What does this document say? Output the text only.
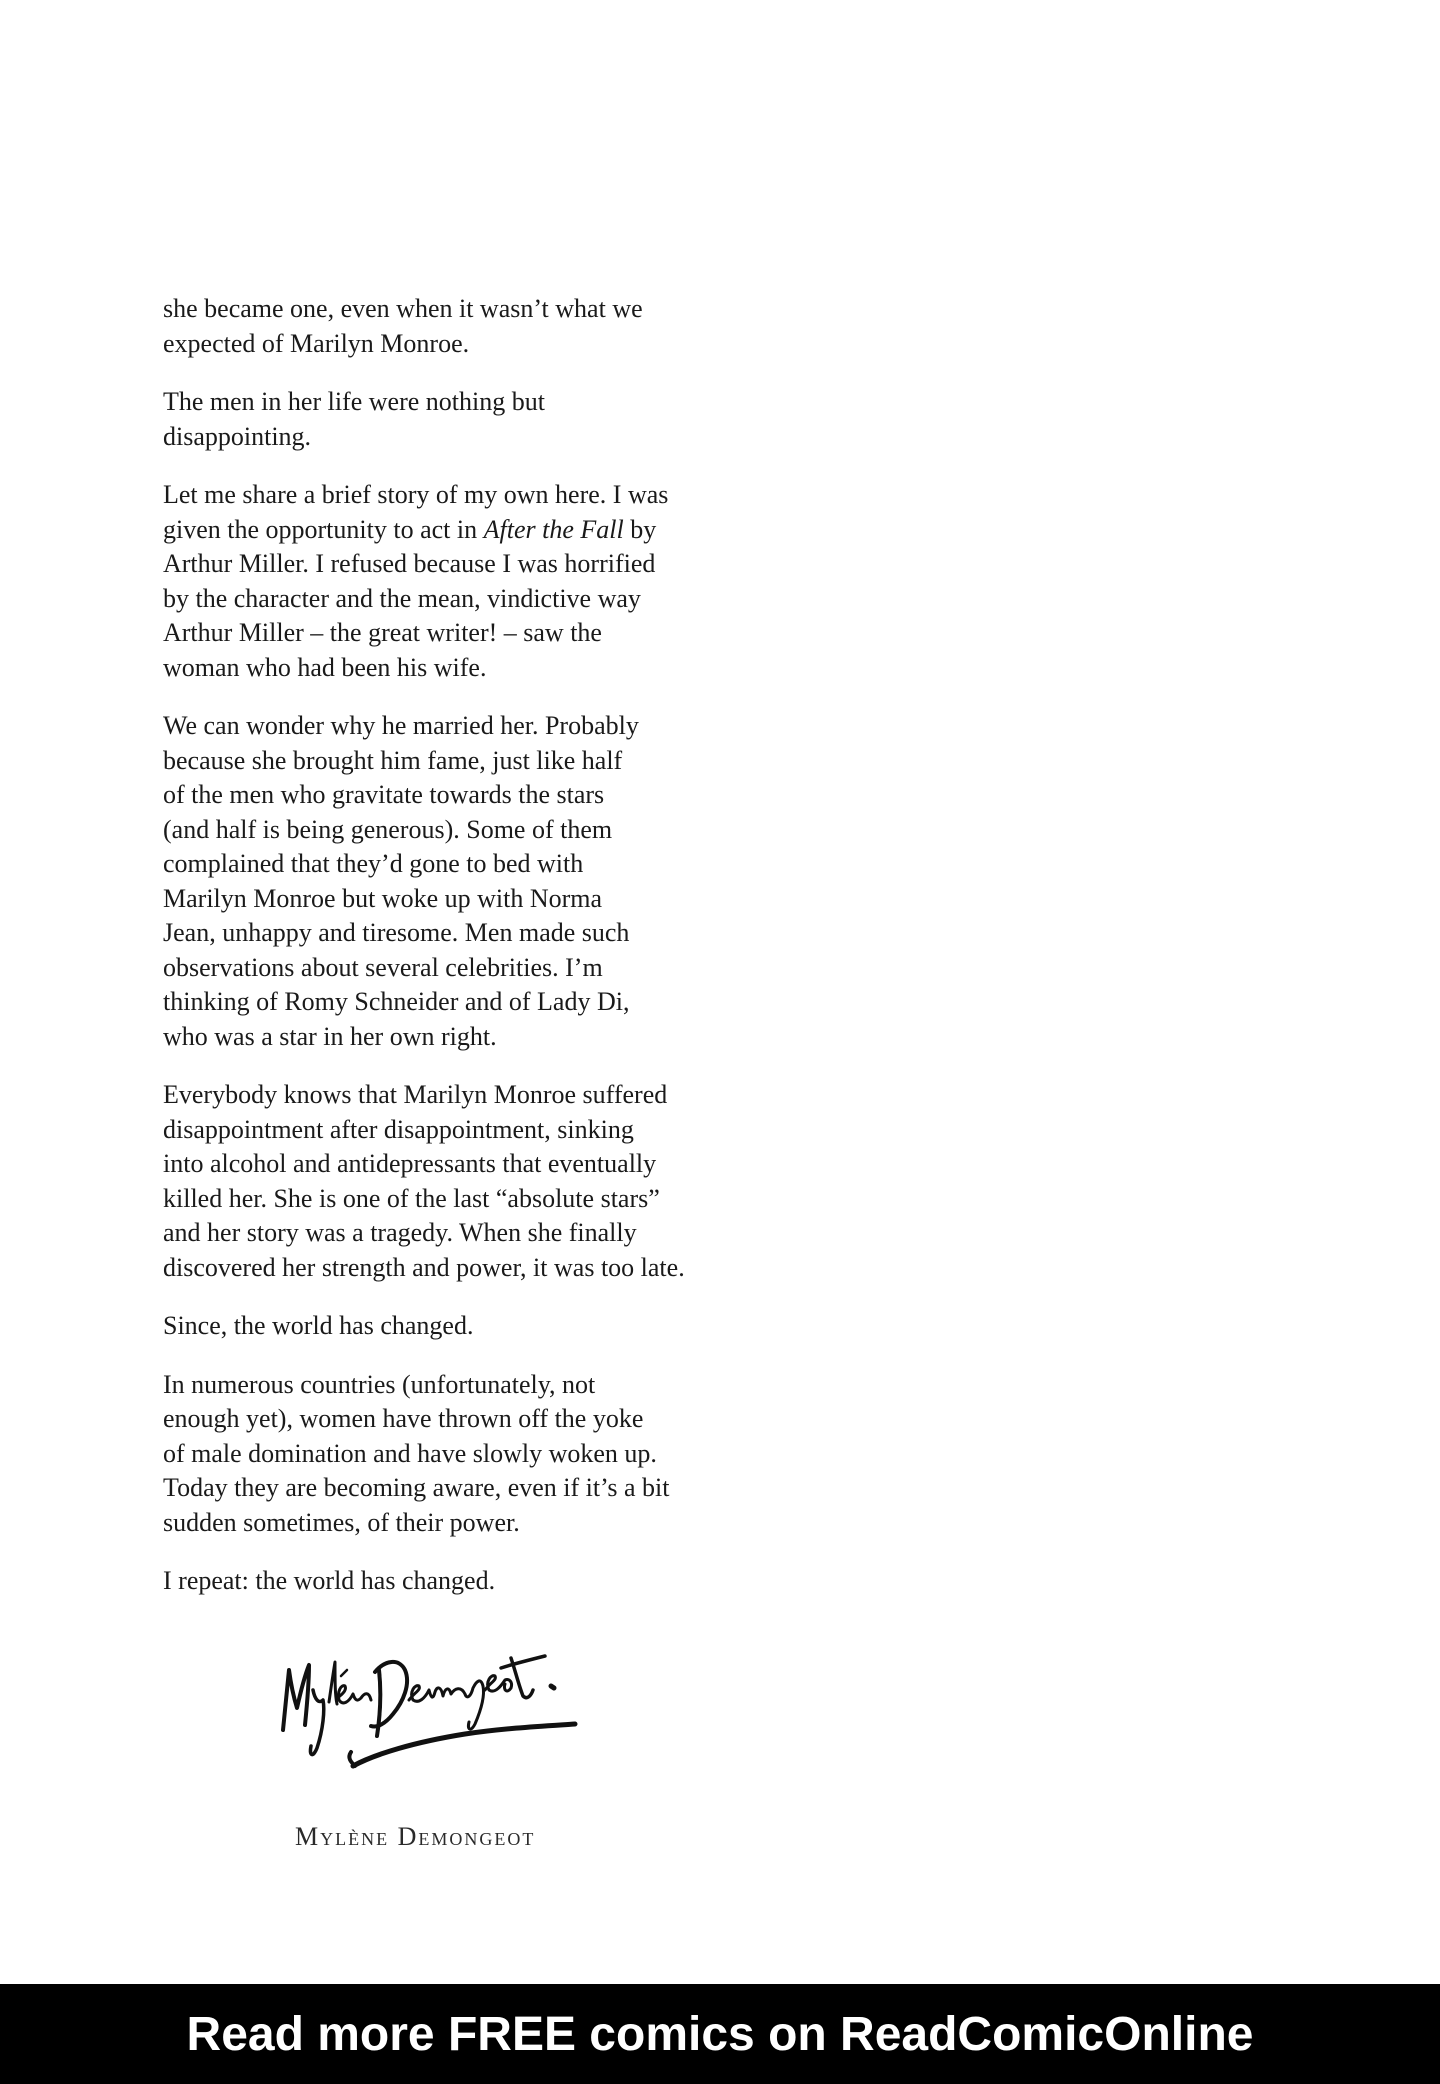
she became one, even when it wasn’t what we
expected of Marilyn Monroe.

The men in her life were nothing but
disappointing.

Let me share a brief story of my own here. I was
given the opportunity to act in After the Fall by
Arthur Miller. I refused because I was horrified
by the character and the mean, vindictive way
Arthur Miller – the great writer! – saw the
woman who had been his wife.

We can wonder why he married her. Probably
because she brought him fame, just like half
of the men who gravitate towards the stars
(and half is being generous). Some of them
complained that they’d gone to bed with
Marilyn Monroe but woke up with Norma
Jean, unhappy and tiresome. Men made such
observations about several celebrities. I’m
thinking of Romy Schneider and of Lady Di,
who was a star in her own right.

Everybody knows that Marilyn Monroe suffered
disappointment after disappointment, sinking
into alcohol and antidepressants that eventually
killed her. She is one of the last “absolute stars”
and her story was a tragedy. When she finally
discovered her strength and power, it was too late.

Since, the world has changed.

In numerous countries (unfortunately, not
enough yet), women have thrown off the yoke
of male domination and have slowly woken up.
Today they are becoming aware, even if it’s a bit
sudden sometimes, of their power.

I repeat: the world has changed.

Mylène Demongeot
Read more FREE comics on ReadComicOnline
